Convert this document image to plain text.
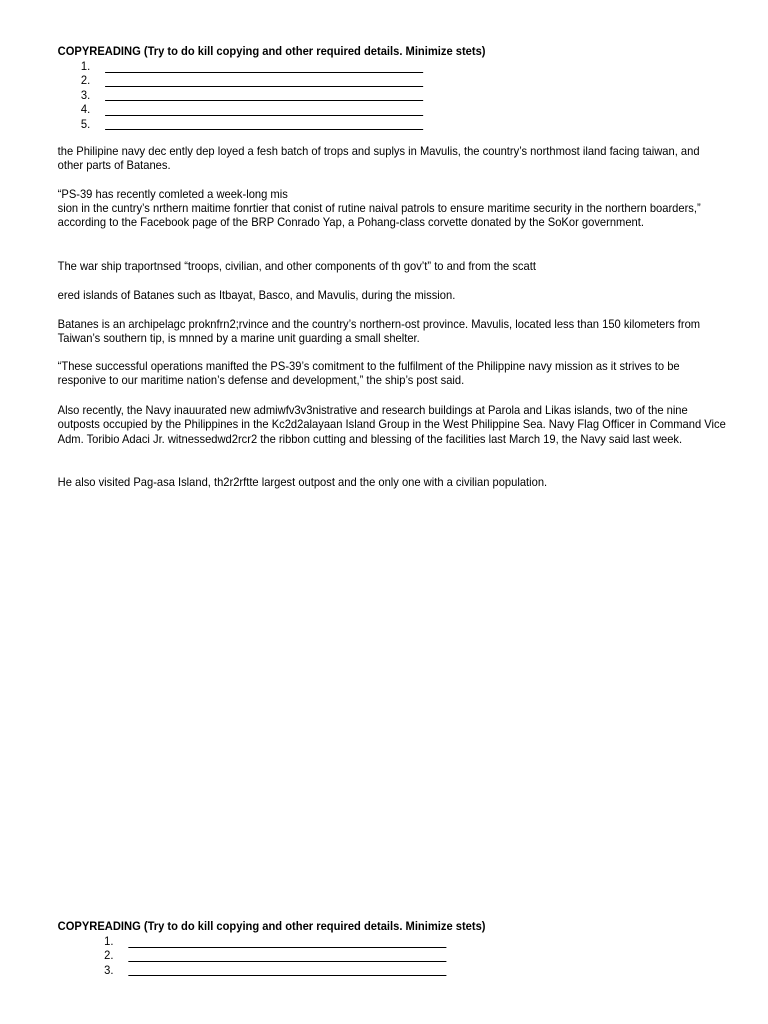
COPYREADING (Try to do kill copying and other required details. Minimize stets)
1.
2.
3.
4.
5.

the Philipine navy dec ently dep loyed a fesh batch of trops and suplys in Mavulis, the country’s northmost iland facing taiwan, and other parts of Batanes.

“PS-39 has recently comleted a week-long mis

sion in the cuntry’s nrthern maitime fonrtier that conist of rutine naival patrols to ensure maritime security in the northern boarders,” according to the Facebook page of the BRP Conrado Yap, a Pohang-class corvette donated by the SoKor government.

The war ship traportnsed “troops, civilian, and other components of th gov’t” to and from the scatt

ered islands of Batanes such as Itbayat, Basco, and Mavulis, during the mission.

Batanes is an archipelagc proknfrn2;rvince and the country’s northern-ost province. Mavulis, located less than 150 kilometers from Taiwan’s southern tip, is mnned by a marine unit guarding a small shelter.

“These successful operations manifted the PS-39’s comitment to the fulfilment of the Philippine navy mission as it strives to be responive to our maritime nation’s defense and development,” the ship’s post said.

Also recently, the Navy inauurated new admiwfv3v3nistrative and research buildings at Parola and Likas islands, two of the nine outposts occupied by the Philippines in the Kc2d2alayaan Island Group in the West Philippine Sea. Navy Flag Officer in Command Vice Adm. Toribio Adaci Jr. witnessedwd2rcr2 the ribbon cutting and blessing of the facilities last March 19, the Navy said last week.

He also visited Pag-asa Island, th2r2rftte largest outpost and the only one with a civilian population.

COPYREADING (Try to do kill copying and other required details. Minimize stets)
1.
2.
3.
